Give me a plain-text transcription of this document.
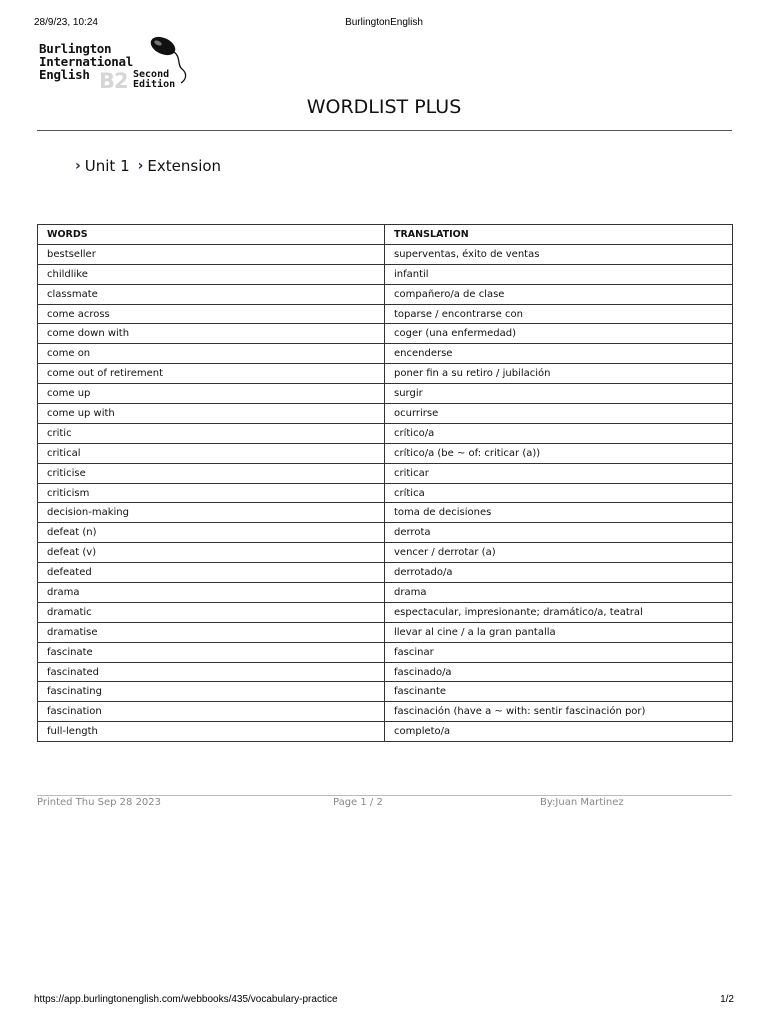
28/9/23, 10:24	BurlingtonEnglish
Burlington
International
English B2 Second
Edition
WORDLIST PLUS
› Unit 1 › Extension
WORDS	TRANSLATION
bestseller	superventas, éxito de ventas
childlike	infantil
classmate	compañero/a de clase
come across	toparse / encontrarse con
come down with	coger (una enfermedad)
come on	encenderse
come out of retirement	poner fin a su retiro / jubilación
come up	surgir
come up with	ocurrirse
critic	crítico/a
critical	crítico/a (be ~ of: criticar (a))
criticise	criticar
criticism	crítica
decision-making	toma de decisiones
defeat (n)	derrota
defeat (v)	vencer / derrotar (a)
defeated	derrotado/a
drama	drama
dramatic	espectacular, impresionante; dramático/a, teatral
dramatise	llevar al cine / a la gran pantalla
fascinate	fascinar
fascinated	fascinado/a
fascinating	fascinante
fascination	fascinación (have a ~ with: sentir fascinación por)
full-length	completo/a
Printed Thu Sep 28 2023	Page 1 / 2	By:Juan Martinez
https://app.burlingtonenglish.com/webbooks/435/vocabulary-practice	1/2
